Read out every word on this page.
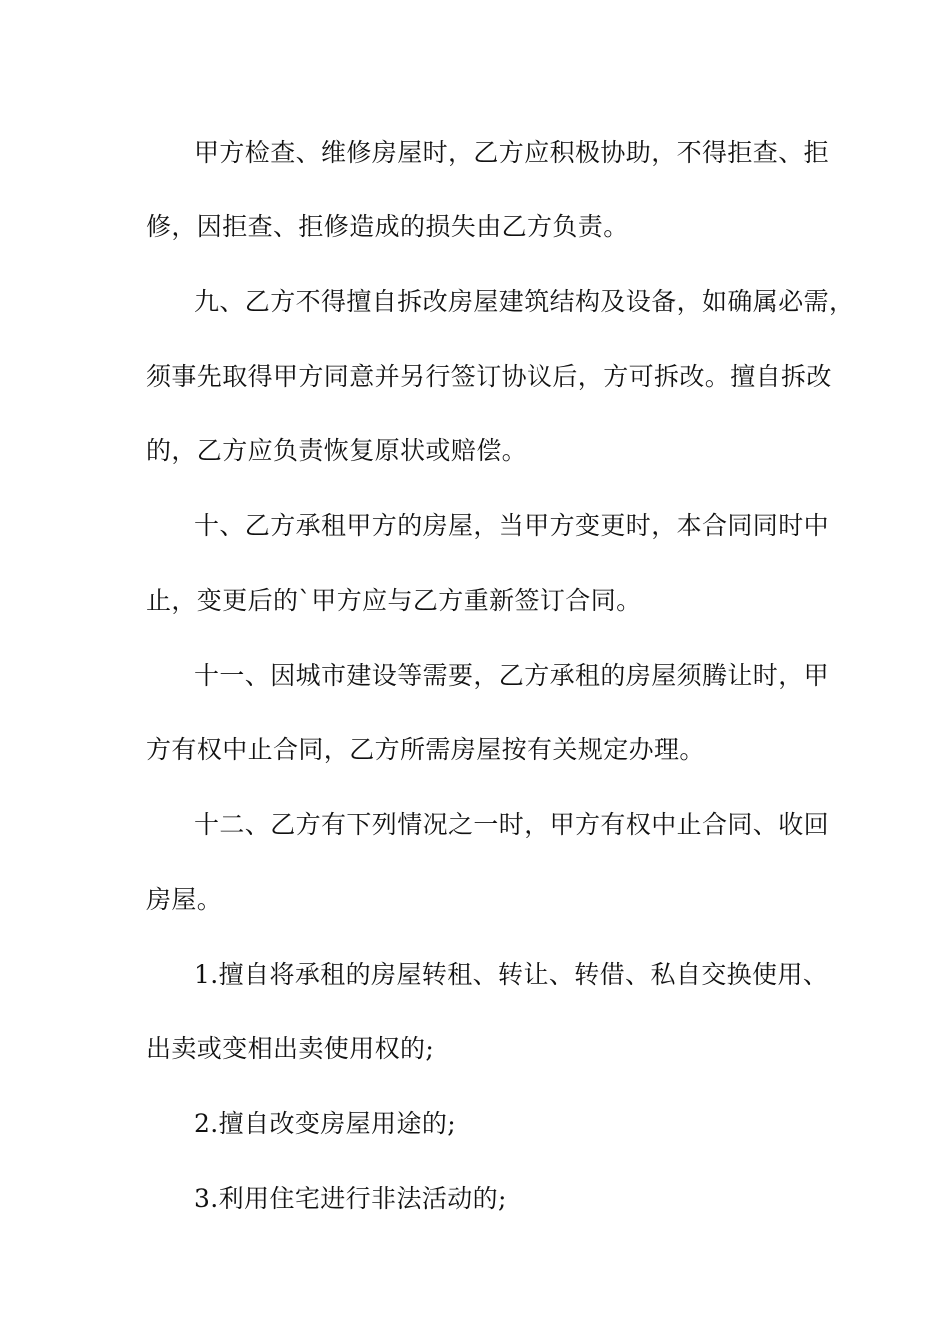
甲方检查、维修房屋时，乙方应积极协助，不得拒查、拒
修，因拒查、拒修造成的损失由乙方负责。
九、乙方不得擅自拆改房屋建筑结构及设备，如确属必需，
须事先取得甲方同意并另行签订协议后，方可拆改。擅自拆改
的，乙方应负责恢复原状或赔偿。
十、乙方承租甲方的房屋，当甲方变更时，本合同同时中
止，变更后的`甲方应与乙方重新签订合同。
十一、因城市建设等需要，乙方承租的房屋须腾让时，甲
方有权中止合同，乙方所需房屋按有关规定办理。
十二、乙方有下列情况之一时，甲方有权中止合同、收回
房屋。
1.擅自将承租的房屋转租、转让、转借、私自交换使用、
出卖或变相出卖使用权的;
2.擅自改变房屋用途的;
3.利用住宅进行非法活动的;
